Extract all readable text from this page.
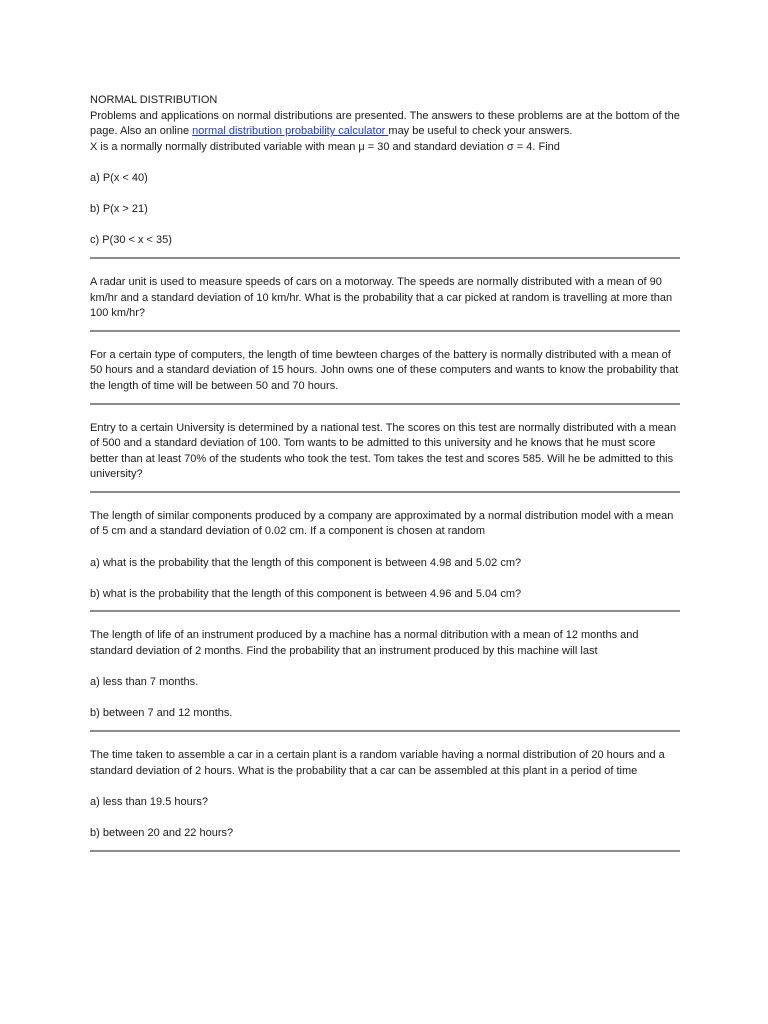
NORMAL DISTRIBUTION

Problems and applications on normal distributions are presented. The answers to these problems are at the bottom of the page. Also an online normal distribution probability calculator may be useful to check your answers.

X is a normally normally distributed variable with mean μ = 30 and standard deviation σ = 4. Find

a) P(x < 40)

b) P(x > 21)

c) P(30 < x < 35)

A radar unit is used to measure speeds of cars on a motorway. The speeds are normally distributed with a mean of 90 km/hr and a standard deviation of 10 km/hr. What is the probability that a car picked at random is travelling at more than 100 km/hr?

For a certain type of computers, the length of time bewteen charges of the battery is normally distributed with a mean of 50 hours and a standard deviation of 15 hours. John owns one of these computers and wants to know the probability that the length of time will be between 50 and 70 hours.

Entry to a certain University is determined by a national test. The scores on this test are normally distributed with a mean of 500 and a standard deviation of 100. Tom wants to be admitted to this university and he knows that he must score better than at least 70% of the students who took the test. Tom takes the test and scores 585. Will he be admitted to this university?

The length of similar components produced by a company are approximated by a normal distribution model with a mean of 5 cm and a standard deviation of 0.02 cm. If a component is chosen at random

a) what is the probability that the length of this component is between 4.98 and 5.02 cm?

b) what is the probability that the length of this component is between 4.96 and 5.04 cm?

The length of life of an instrument produced by a machine has a normal ditribution with a mean of 12 months and standard deviation of 2 months. Find the probability that an instrument produced by this machine will last

a) less than 7 months.

b) between 7 and 12 months.

The time taken to assemble a car in a certain plant is a random variable having a normal distribution of 20 hours and a standard deviation of 2 hours. What is the probability that a car can be assembled at this plant in a period of time

a) less than 19.5 hours?

b) between 20 and 22 hours?
